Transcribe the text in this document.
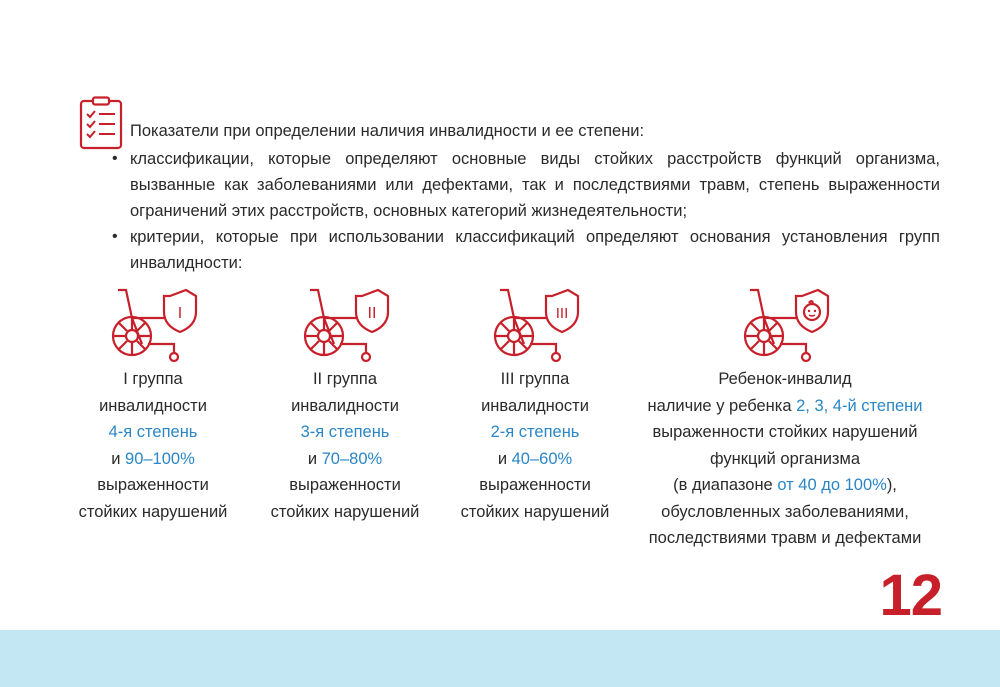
Показатели при определении наличия инвалидности и ее степени:
• классификации, которые определяют основные виды стойких расстройств функций организма, вызванные как заболеваниями или дефектами, так и последствиями травм, степень выраженности ограничений этих расстройств, основных категорий жизнедеятельности;
• критерии, которые при использовании классификаций определяют основания установления групп инвалидности:
I
I группа
инвалидности
4-я степень
и 90–100%
выраженности
стойких нарушений
II
II группа
инвалидности
3-я степень
и 70–80%
выраженности
стойких нарушений
III
III группа
инвалидности
2-я степень
и 40–60%
выраженности
стойких нарушений
Ребенок-инвалид
наличие у ребенка 2, 3, 4-й степени
выраженности стойких нарушений
функций организма
(в диапазоне от 40 до 100%),
обусловленных заболеваниями,
последствиями травм и дефектами
12
